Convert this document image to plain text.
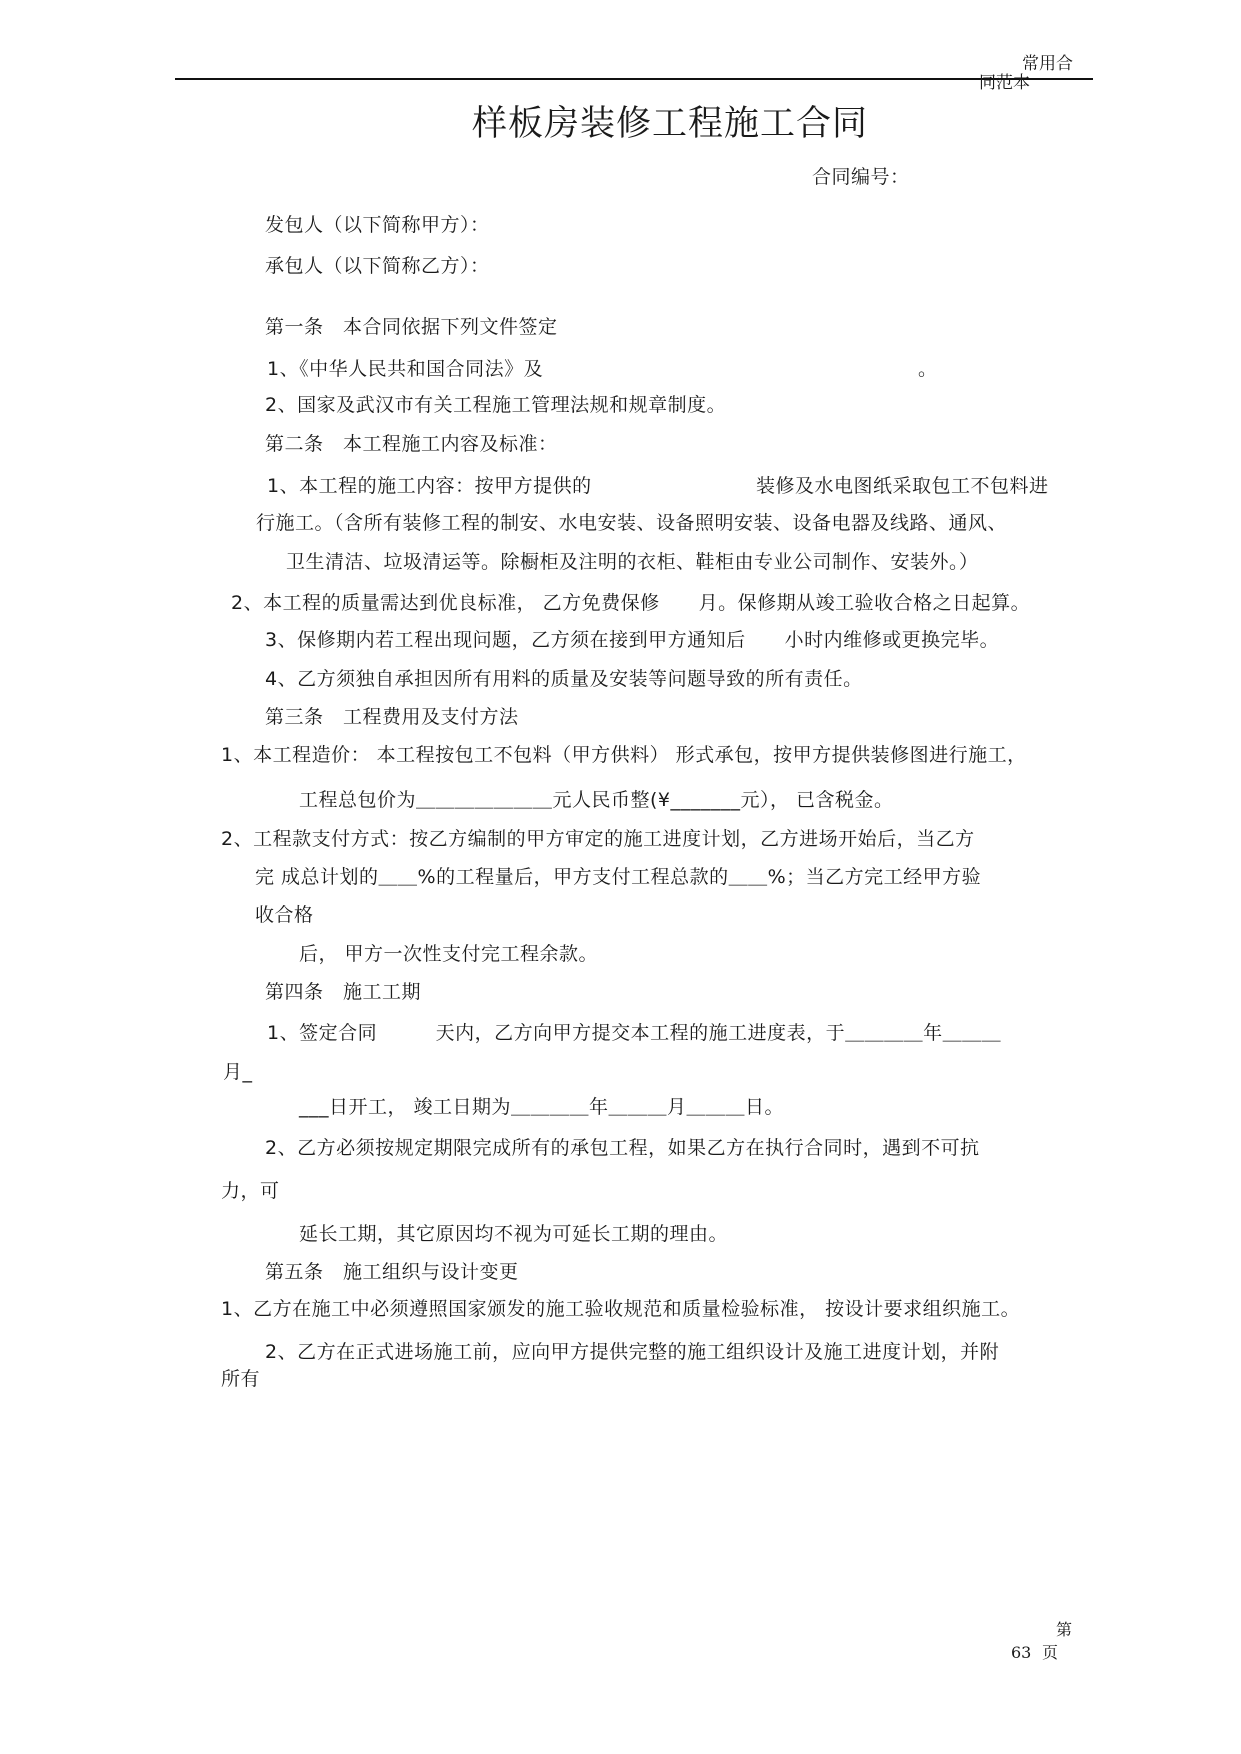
常用合
同范本
样板房装修工程施工合同
合同编号：
发包人（以下简称甲方）：
承包人（以下简称乙方）：
第一条　本合同依据下列文件签定
1、《中华人民共和国合同法》及	。
2、国家及武汉市有关工程施工管理法规和规章制度。
第二条　本工程施工内容及标准：
1、本工程的施工内容：按甲方提供的	装修及水电图纸采取包工不包料进
行施工。（含所有装修工程的制安、水电安装、设备照明安装、设备电器及线路、通风、
卫生清洁、垃圾清运等。除橱柜及注明的衣柜、鞋柜由专业公司制作、安装外。）
2、本工程的质量需达到优良标准， 乙方免费保修　　月。保修期从竣工验收合格之日起算。
3、保修期内若工程出现问题，乙方须在接到甲方通知后　　小时内维修或更换完毕。
4、乙方须独自承担因所有用料的质量及安装等问题导致的所有责任。
第三条　工程费用及支付方法
1、本工程造价： 本工程按包工不包料（甲方供料） 形式承包，按甲方提供装修图进行施工，
工程总包价为＿＿＿＿＿＿＿元人民币整(¥_______元）， 已含税金。
2、工程款支付方式：按乙方编制的甲方审定的施工进度计划，乙方进场开始后，当乙方
完 成总计划的＿＿%的工程量后，甲方支付工程总款的＿＿%；当乙方完工经甲方验
收合格
后， 甲方一次性支付完工程余款。
第四条　施工工期
1、签定合同　　　天内，乙方向甲方提交本工程的施工进度表，于＿＿＿＿年＿＿＿
月_
___日开工， 竣工日期为＿＿＿＿年＿＿＿月＿＿＿日。
2、乙方必须按规定期限完成所有的承包工程，如果乙方在执行合同时，遇到不可抗
力，可
延长工期，其它原因均不视为可延长工期的理由。
第五条　施工组织与设计变更
1、乙方在施工中必须遵照国家颁发的施工验收规范和质量检验标准， 按设计要求组织施工。
2、乙方在正式进场施工前，应向甲方提供完整的施工组织设计及施工进度计划，并附
所有
第
63 页
